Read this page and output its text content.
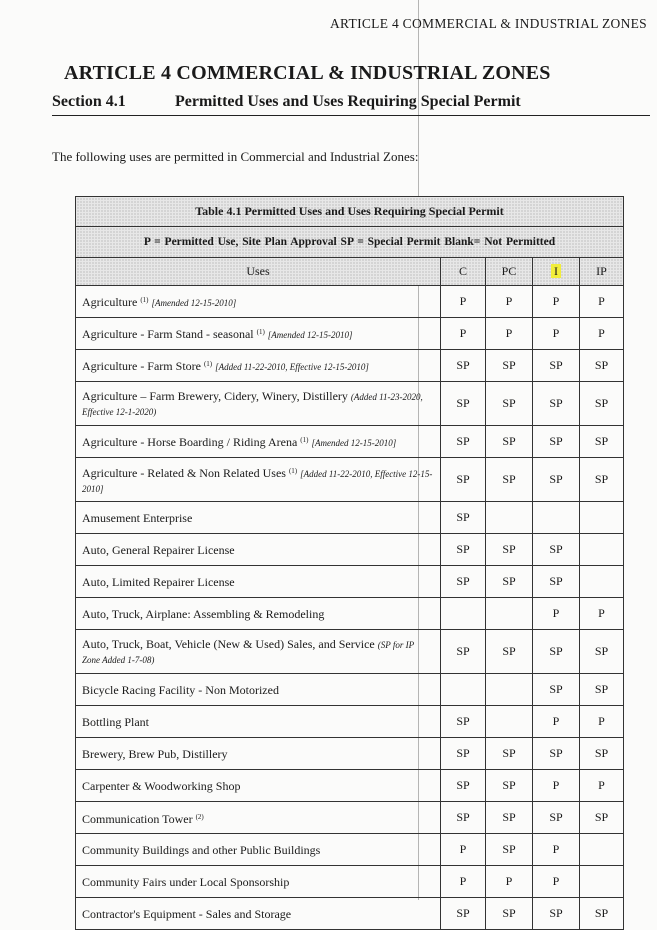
ARTICLE 4 COMMERCIAL & INDUSTRIAL ZONES
ARTICLE 4 COMMERCIAL & INDUSTRIAL ZONES
Section 4.1	Permitted Uses and Uses Requiring Special Permit
The following uses are permitted in Commercial and Industrial Zones:
Table 4.1 Permitted Uses and Uses Requiring Special Permit				
P = Permitted Use, Site Plan Approval SP = Special Permit Blank= Not Permitted				
Uses	C	PC	I	IP
Agriculture $^{(1)}$ [Amended 12-15-2010]	P	P	P	P
Agriculture - Farm Stand - seasonal $^{(1)}$ [Amended 12-15-2010]	P	P	P	P
Agriculture - Farm Store $^{(1)}$ [Added 11-22-2010, Effective 12-15-2010]	SP	SP	SP	SP
Agriculture – Farm Brewery, Cidery, Winery, Distillery (Added 11-23-2020, Effective 12-1-2020)	SP	SP	SP	SP
Agriculture - Horse Boarding / Riding Arena $^{(1)}$ [Amended 12-15-2010]	SP	SP	SP	SP
Agriculture - Related & Non Related Uses $^{(1)}$ [Added 11-22-2010, Effective 12-15-2010]	SP	SP	SP	SP
Amusement Enterprise	SP			
Auto, General Repairer License	SP	SP	SP	
Auto, Limited Repairer License	SP	SP	SP	
Auto, Truck, Airplane: Assembling & Remodeling			P	P
Auto, Truck, Boat, Vehicle (New & Used) Sales, and Service (SP for IP Zone Added 1-7-08)	SP	SP	SP	SP
Bicycle Racing Facility - Non Motorized			SP	SP
Bottling Plant	SP		P	P
Brewery, Brew Pub, Distillery	SP	SP	SP	SP
Carpenter & Woodworking Shop	SP	SP	P	P
Communication Tower $^{(2)}$	SP	SP	SP	SP
Community Buildings and other Public Buildings	P	SP	P	
Community Fairs under Local Sponsorship	P	P	P	
Contractor's Equipment - Sales and Storage	SP	SP	SP	SP
